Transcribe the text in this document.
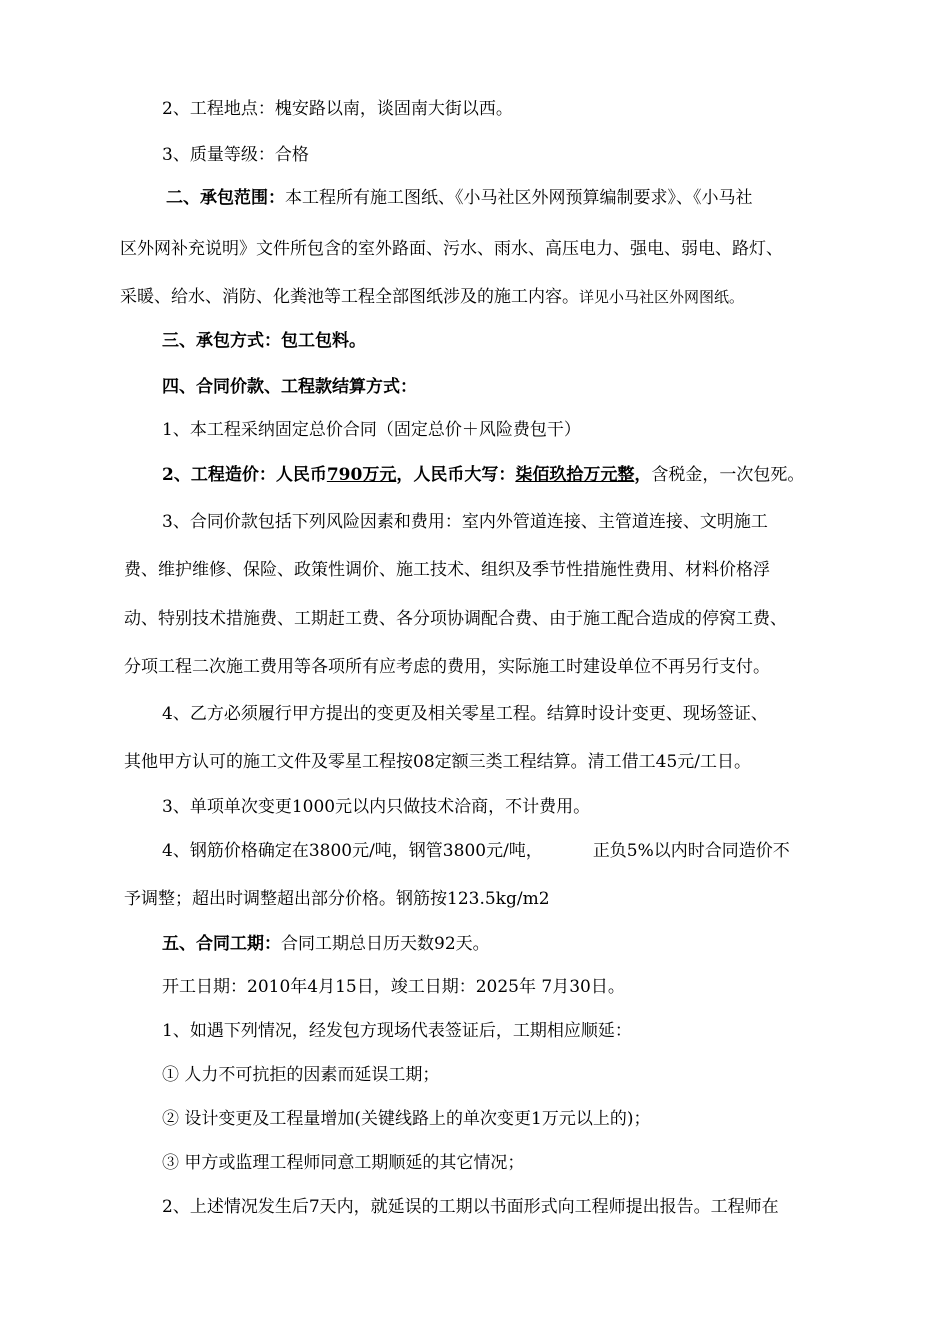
2、工程地点：槐安路以南，谈固南大街以西。
3、质量等级：合格
二、承包范围：本工程所有施工图纸、《小马社区外网预算编制要求》、《小马社
区外网补充说明》文件所包含的室外路面、污水、雨水、高压电力、强电、弱电、路灯、
采暖、给水、消防、化粪池等工程全部图纸涉及的施工内容。详见小马社区外网图纸。
三、承包方式：包工包料。
四、合同价款、工程款结算方式：
1、本工程采纳固定总价合同（固定总价＋风险费包干）
2、工程造价：人民币790万元，人民币大写：柒佰玖拾万元整，含税金，一次包死。
3、合同价款包括下列风险因素和费用：室内外管道连接、主管道连接、文明施工
费、维护维修、保险、政策性调价、施工技术、组织及季节性措施性费用、材料价格浮
动、特别技术措施费、工期赶工费、各分项协调配合费、由于施工配合造成的停窝工费、
分项工程二次施工费用等各项所有应考虑的费用，实际施工时建设单位不再另行支付。
4、乙方必须履行甲方提出的变更及相关零星工程。结算时设计变更、现场签证、
其他甲方认可的施工文件及零星工程按08定额三类工程结算。清工借工45元/工日。
3、单项单次变更1000元以内只做技术洽商，不计费用。
4、钢筋价格确定在3800元/吨，钢管3800元/吨，	正负5%以内时合同造价不
予调整；超出时调整超出部分价格。钢筋按123.5kg/m2
五、合同工期：合同工期总日历天数92天。
开工日期：2010年4月15日，竣工日期：2025年 7月30日。
1、如遇下列情况，经发包方现场代表签证后，工期相应顺延：
① 人力不可抗拒的因素而延误工期；
② 设计变更及工程量增加(关键线路上的单次变更1万元以上的)；
③ 甲方或监理工程师同意工期顺延的其它情况；
2、上述情况发生后7天内，就延误的工期以书面形式向工程师提出报告。工程师在
